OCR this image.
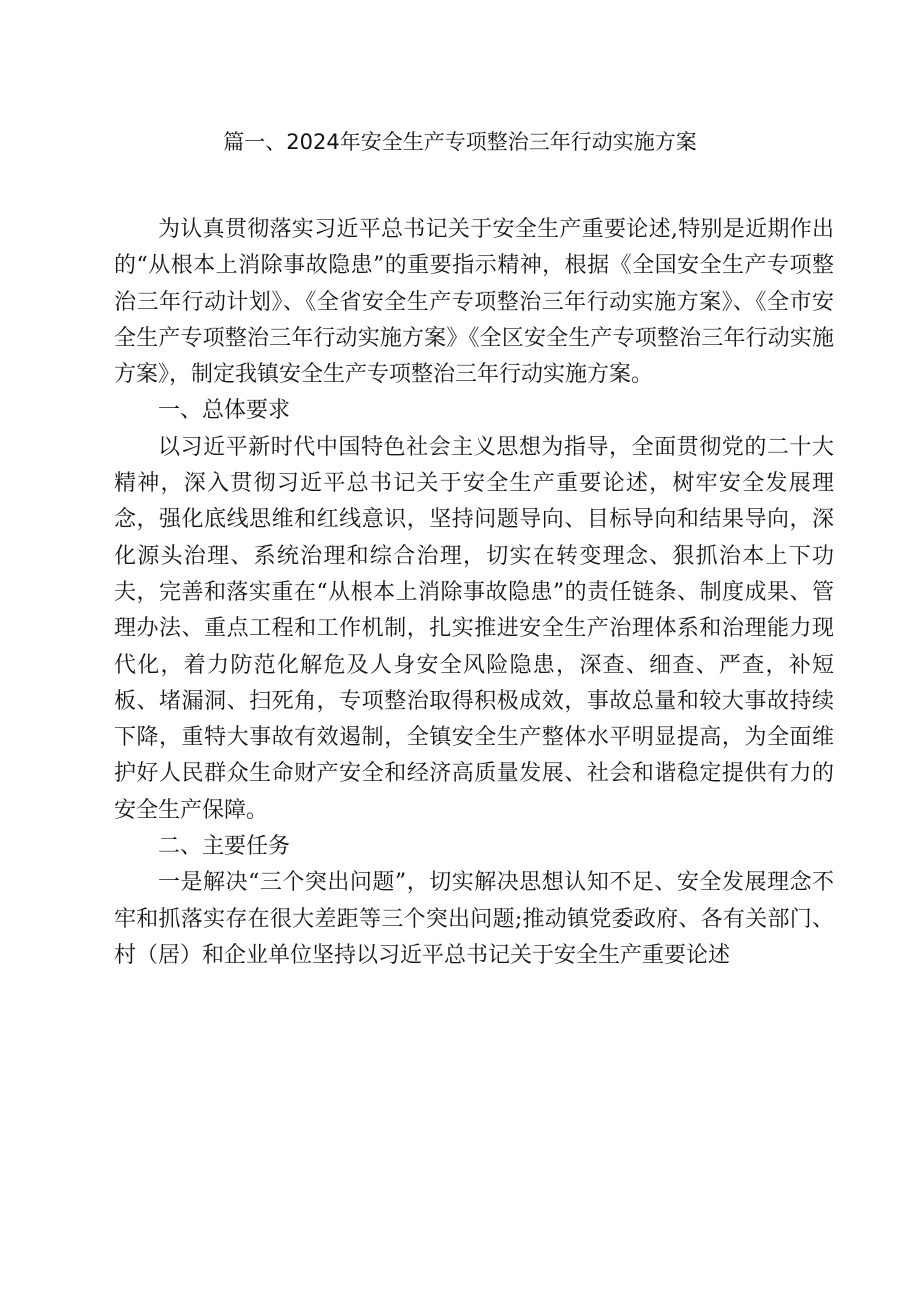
篇一、2024年安全生产专项整治三年行动实施方案

为认真贯彻落实习近平总书记关于安全生产重要论述,特别是近期作出的“从根本上消除事故隐患”的重要指示精神，根据《全国安全生产专项整治三年行动计划》、《全省安全生产专项整治三年行动实施方案》、《全市安全生产专项整治三年行动实施方案》《全区安全生产专项整治三年行动实施方案》，制定我镇安全生产专项整治三年行动实施方案。

一、总体要求

以习近平新时代中国特色社会主义思想为指导，全面贯彻党的二十大精神，深入贯彻习近平总书记关于安全生产重要论述，树牢安全发展理念，强化底线思维和红线意识，坚持问题导向、目标导向和结果导向，深化源头治理、系统治理和综合治理，切实在转变理念、狠抓治本上下功夫，完善和落实重在“从根本上消除事故隐患”的责任链条、制度成果、管理办法、重点工程和工作机制，扎实推进安全生产治理体系和治理能力现代化，着力防范化解危及人身安全风险隐患，深查、细查、严查，补短板、堵漏洞、扫死角，专项整治取得积极成效，事故总量和较大事故持续下降，重特大事故有效遏制，全镇安全生产整体水平明显提高，为全面维护好人民群众生命财产安全和经济高质量发展、社会和谐稳定提供有力的安全生产保障。

二、主要任务

一是解决“三个突出问题”，切实解决思想认知不足、安全发展理念不牢和抓落实存在很大差距等三个突出问题;推动镇党委政府、各有关部门、村（居）和企业单位坚持以习近平总书记关于安全生产重要论述
